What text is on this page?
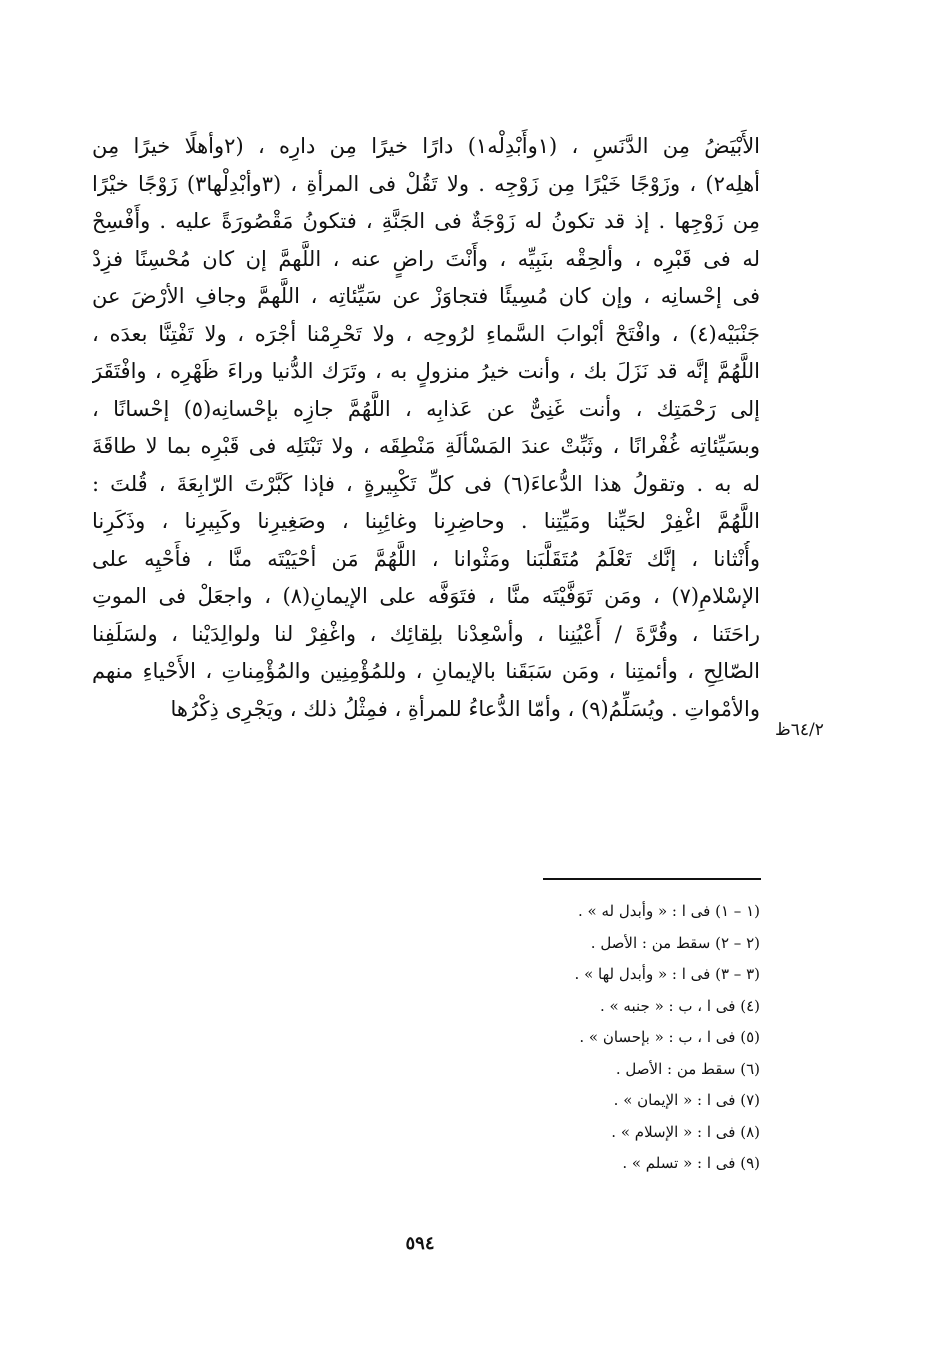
الأَبْيَضُ مِن الدَّنَسِ ، (١وأَبْدِلْه١) دارًا خيرًا مِن دارِه ، (٢وأهلًا خيرًا مِن
أهلِه٢) ، وزَوْجًا خَيْرًا مِن زَوْجِه . ولا تَقُلْ فى المرأةِ ، (٣وأبْدِلْها٣) زَوْجًا خيْرًا
مِن زَوْجِها . إذ قد تكونُ له زَوْجَةٌ فى الجَنَّةِ ، فتكونُ مَقْصُورَةً عليه . وأَفْسِحْ
له فى قَبْرِه ، وألحِقْه بنَبِيِّه ، وأَنْتَ راضٍ عنه ، اللَّهمَّ إن كان مُحْسِنًا فزِدْ
فى إحْسانِه ، وإن كان مُسِيئًا فتجاوَزْ عن سَيِّئاتِه ، اللَّهمَّ وجافِ الأرْضَ عن
جَنْبَيْه(٤) ، وافْتَحْ أبْوابَ السَّماءِ لرُوحِه ، ولا تَحْرِمْنا أجْرَه ، ولا تَفْتِنَّا بعدَه ،
اللَّهُمَّ إنَّه قد نَزَلَ بك ، وأنت خيرُ منزولٍ به ، وتَرَك الدُّنيا وراءَ ظَهْرِه ، وافْتَقَرَ
إلى رَحْمَتِك ، وأنت غَنِىٌّ عن عَذابِه ، اللَّهُمَّ جازِه بإحْسانِه(٥) إحْسانًا ،
وبسَيِّئاتِه غُفْرانًا ، وثَبِّتْ عندَ المَسْألَةِ مَنْطِقَه ، ولا تَبْتَلِه فى قَبْرِه بما لا طاقَةَ
له به . وتقولُ هذا الدُّعاءَ(٦) فى كلِّ تَكْبِيرةٍ ، فإذا كَبَّرْتَ الرّابِعَةَ ، قُلتَ :
اللَّهُمَّ اغْفِرْ لحَيِّنا ومَيِّتِنا . وحاضِرِنا وغائِبِنا ، وصَغِيرِنا وكَبِيرِنا ، وذَكَرِنا
وأُنْثانا ، إنَّك تَعْلَمُ مُتَقَلَّبَنا ومَثْوانا ، اللَّهُمَّ مَن أحْيَيْتَه منَّا ، فأَحْيِه على
الإسْلامِ(٧) ، ومَن تَوَفَّيْتَه منَّا ، فتَوَفَّه على الإيمانِ(٨) ، واجعَلْ فى الموتِ
راحَتَنا ، وقُرَّةَ / أَعْيُنِنا ، وأسْعِدْنا بلِقائِك ، واغْفِرْ لنا ولوالِدَيْنا ، ولسَلَفِنا
الصّالِحِ ، وأئمتِنا ، ومَن سَبَقَنا بالإيمانِ ، وللمُؤْمِنِين والمُؤْمِناتِ ، الأَحْياءِ منهم
والأمْواتِ . ويُسَلِّمُ(٩) ، وأمّا الدُّعاءُ للمرأةِ ، فمِثْلُ ذلك ، ويَجْرِى ذِكْرُها
٦٤/٢ظ
(١ – ١) فى ا : « وأبدل له » .
(٢ – ٢) سقط من : الأصل .
(٣ – ٣) فى ا : « وأبدل لها » .
(٤) فى ا ، ب : « جنبه » .
(٥) فى ا ، ب : « بإحسان » .
(٦) سقط من : الأصل .
(٧) فى ا : « الإيمان » .
(٨) فى ا : « الإسلام » .
(٩) فى ا : « تسلم » .
٥٩٤
